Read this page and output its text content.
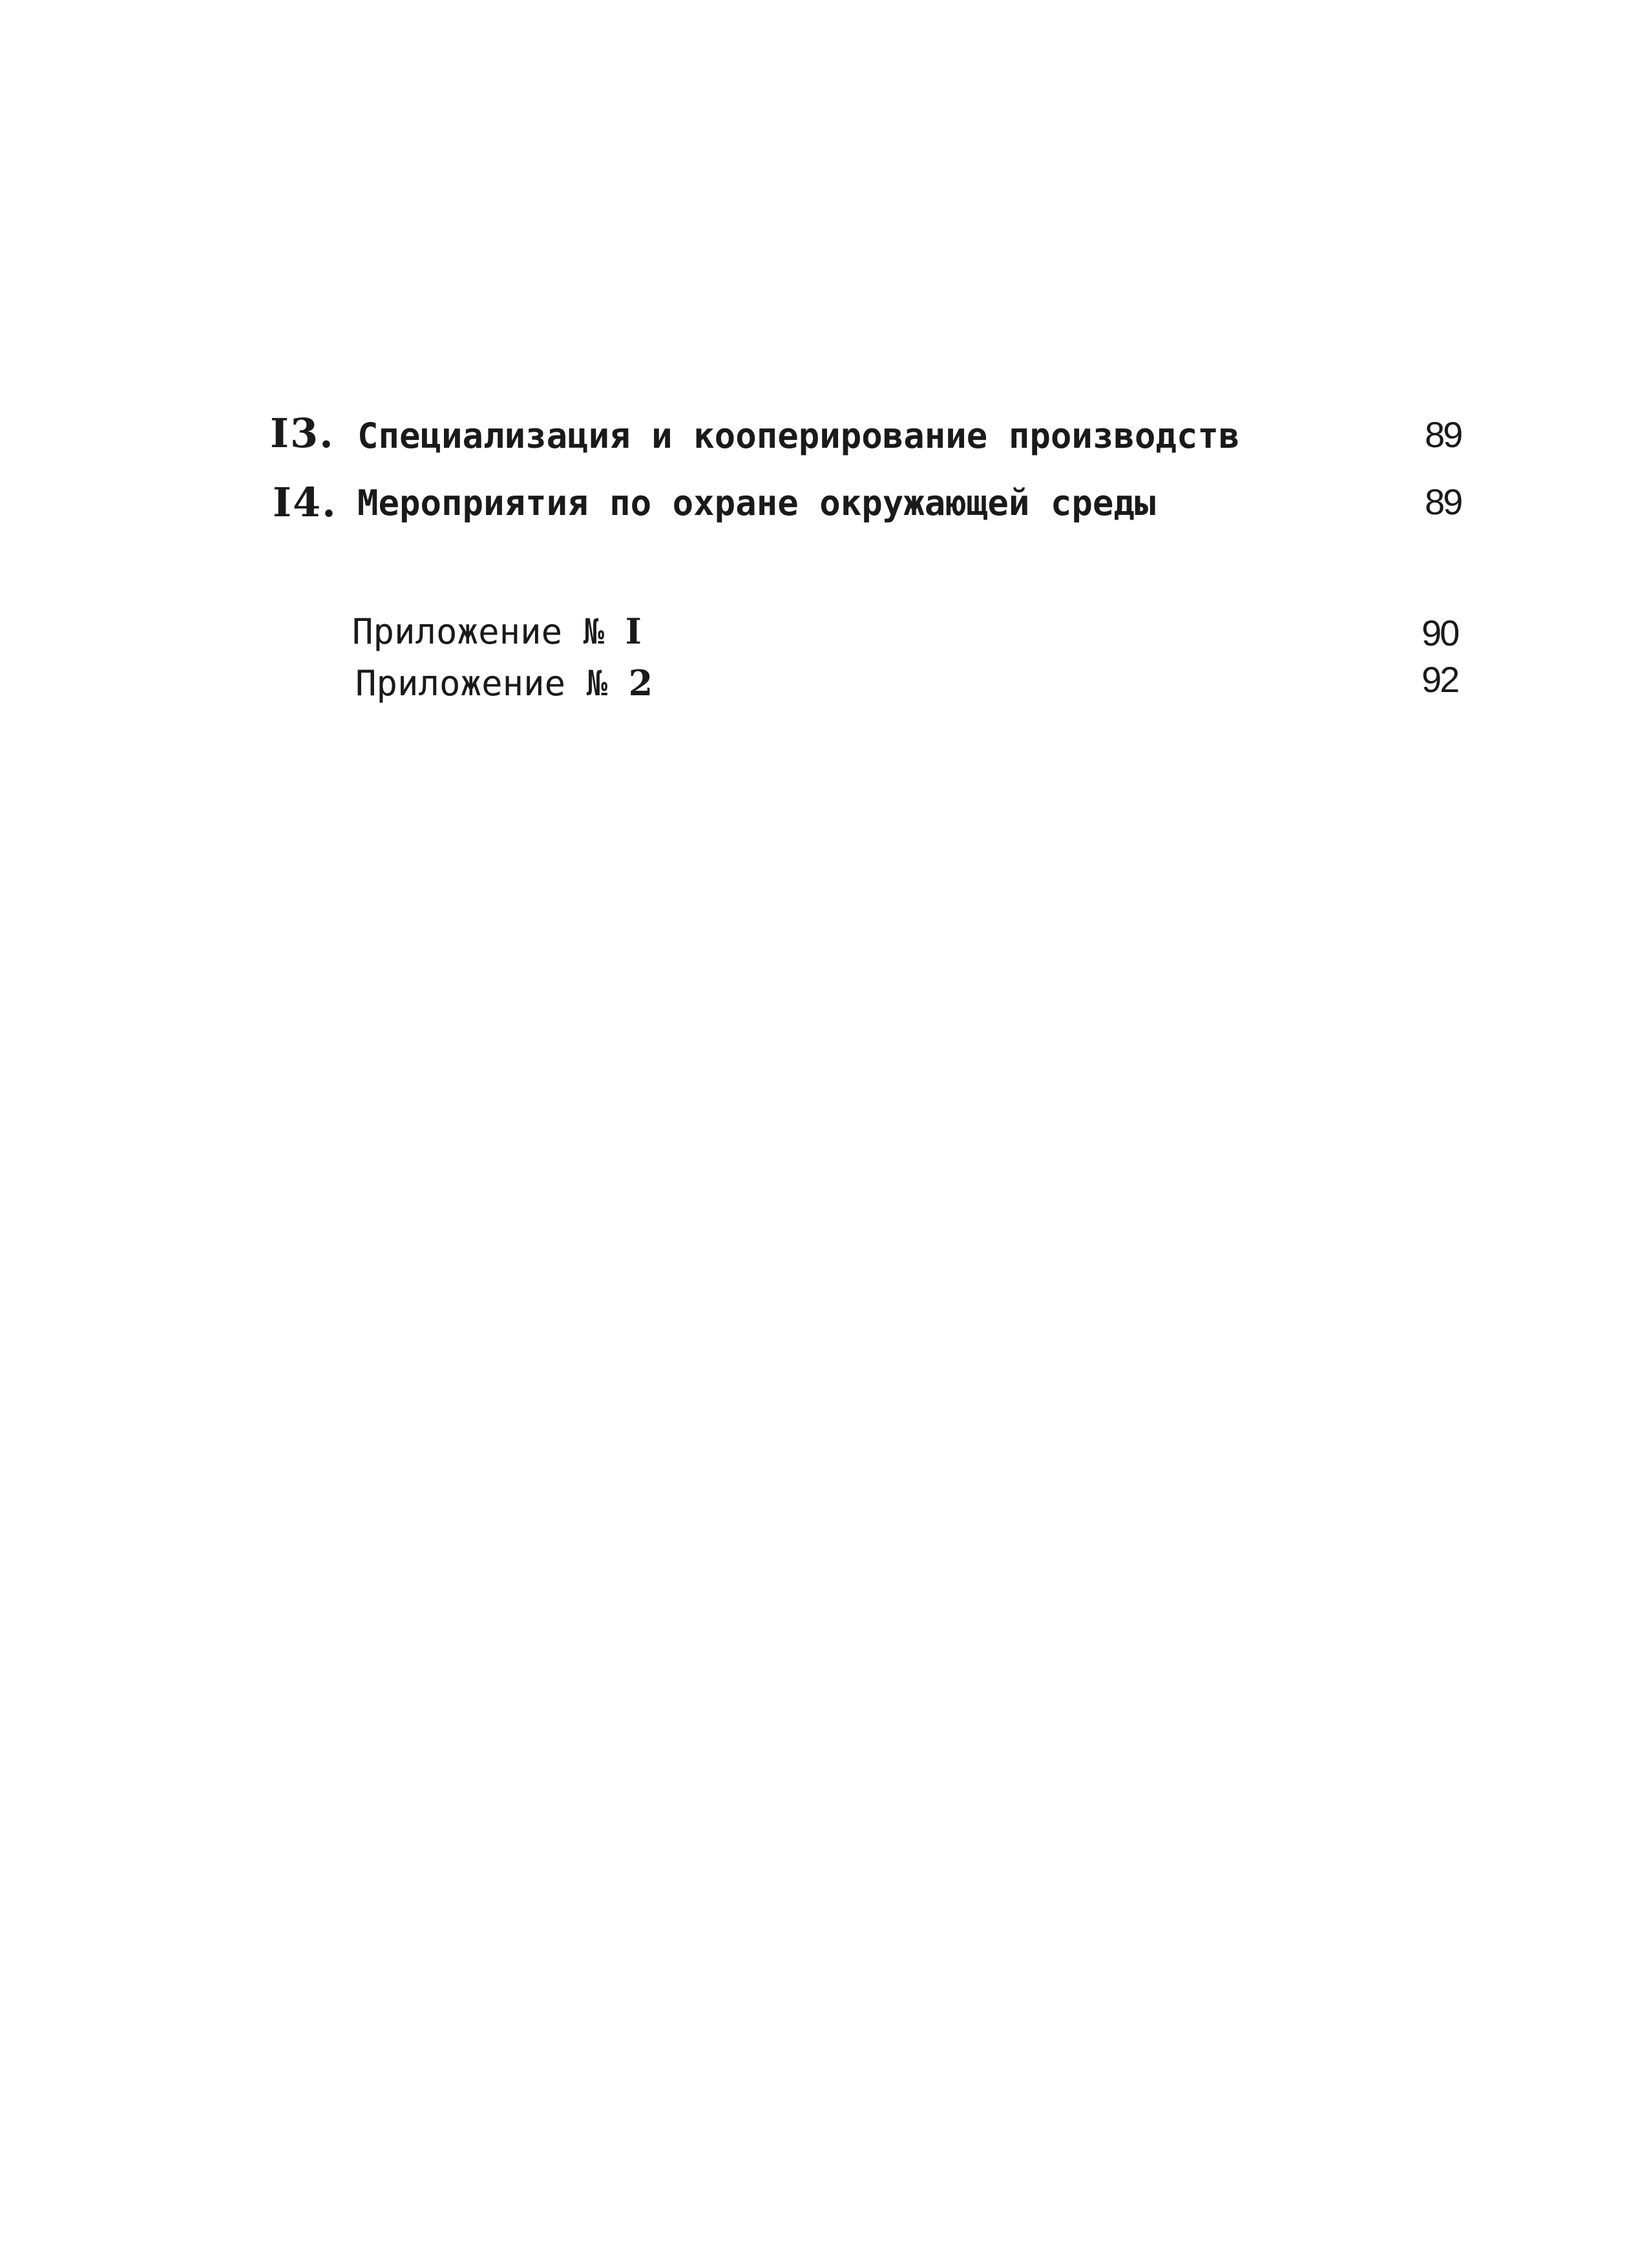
I3. Специализация и кооперирование производств	89
I4. Мероприятия по охране окружающей среды	89
Приложение № I	90
Приложение № 2	92
